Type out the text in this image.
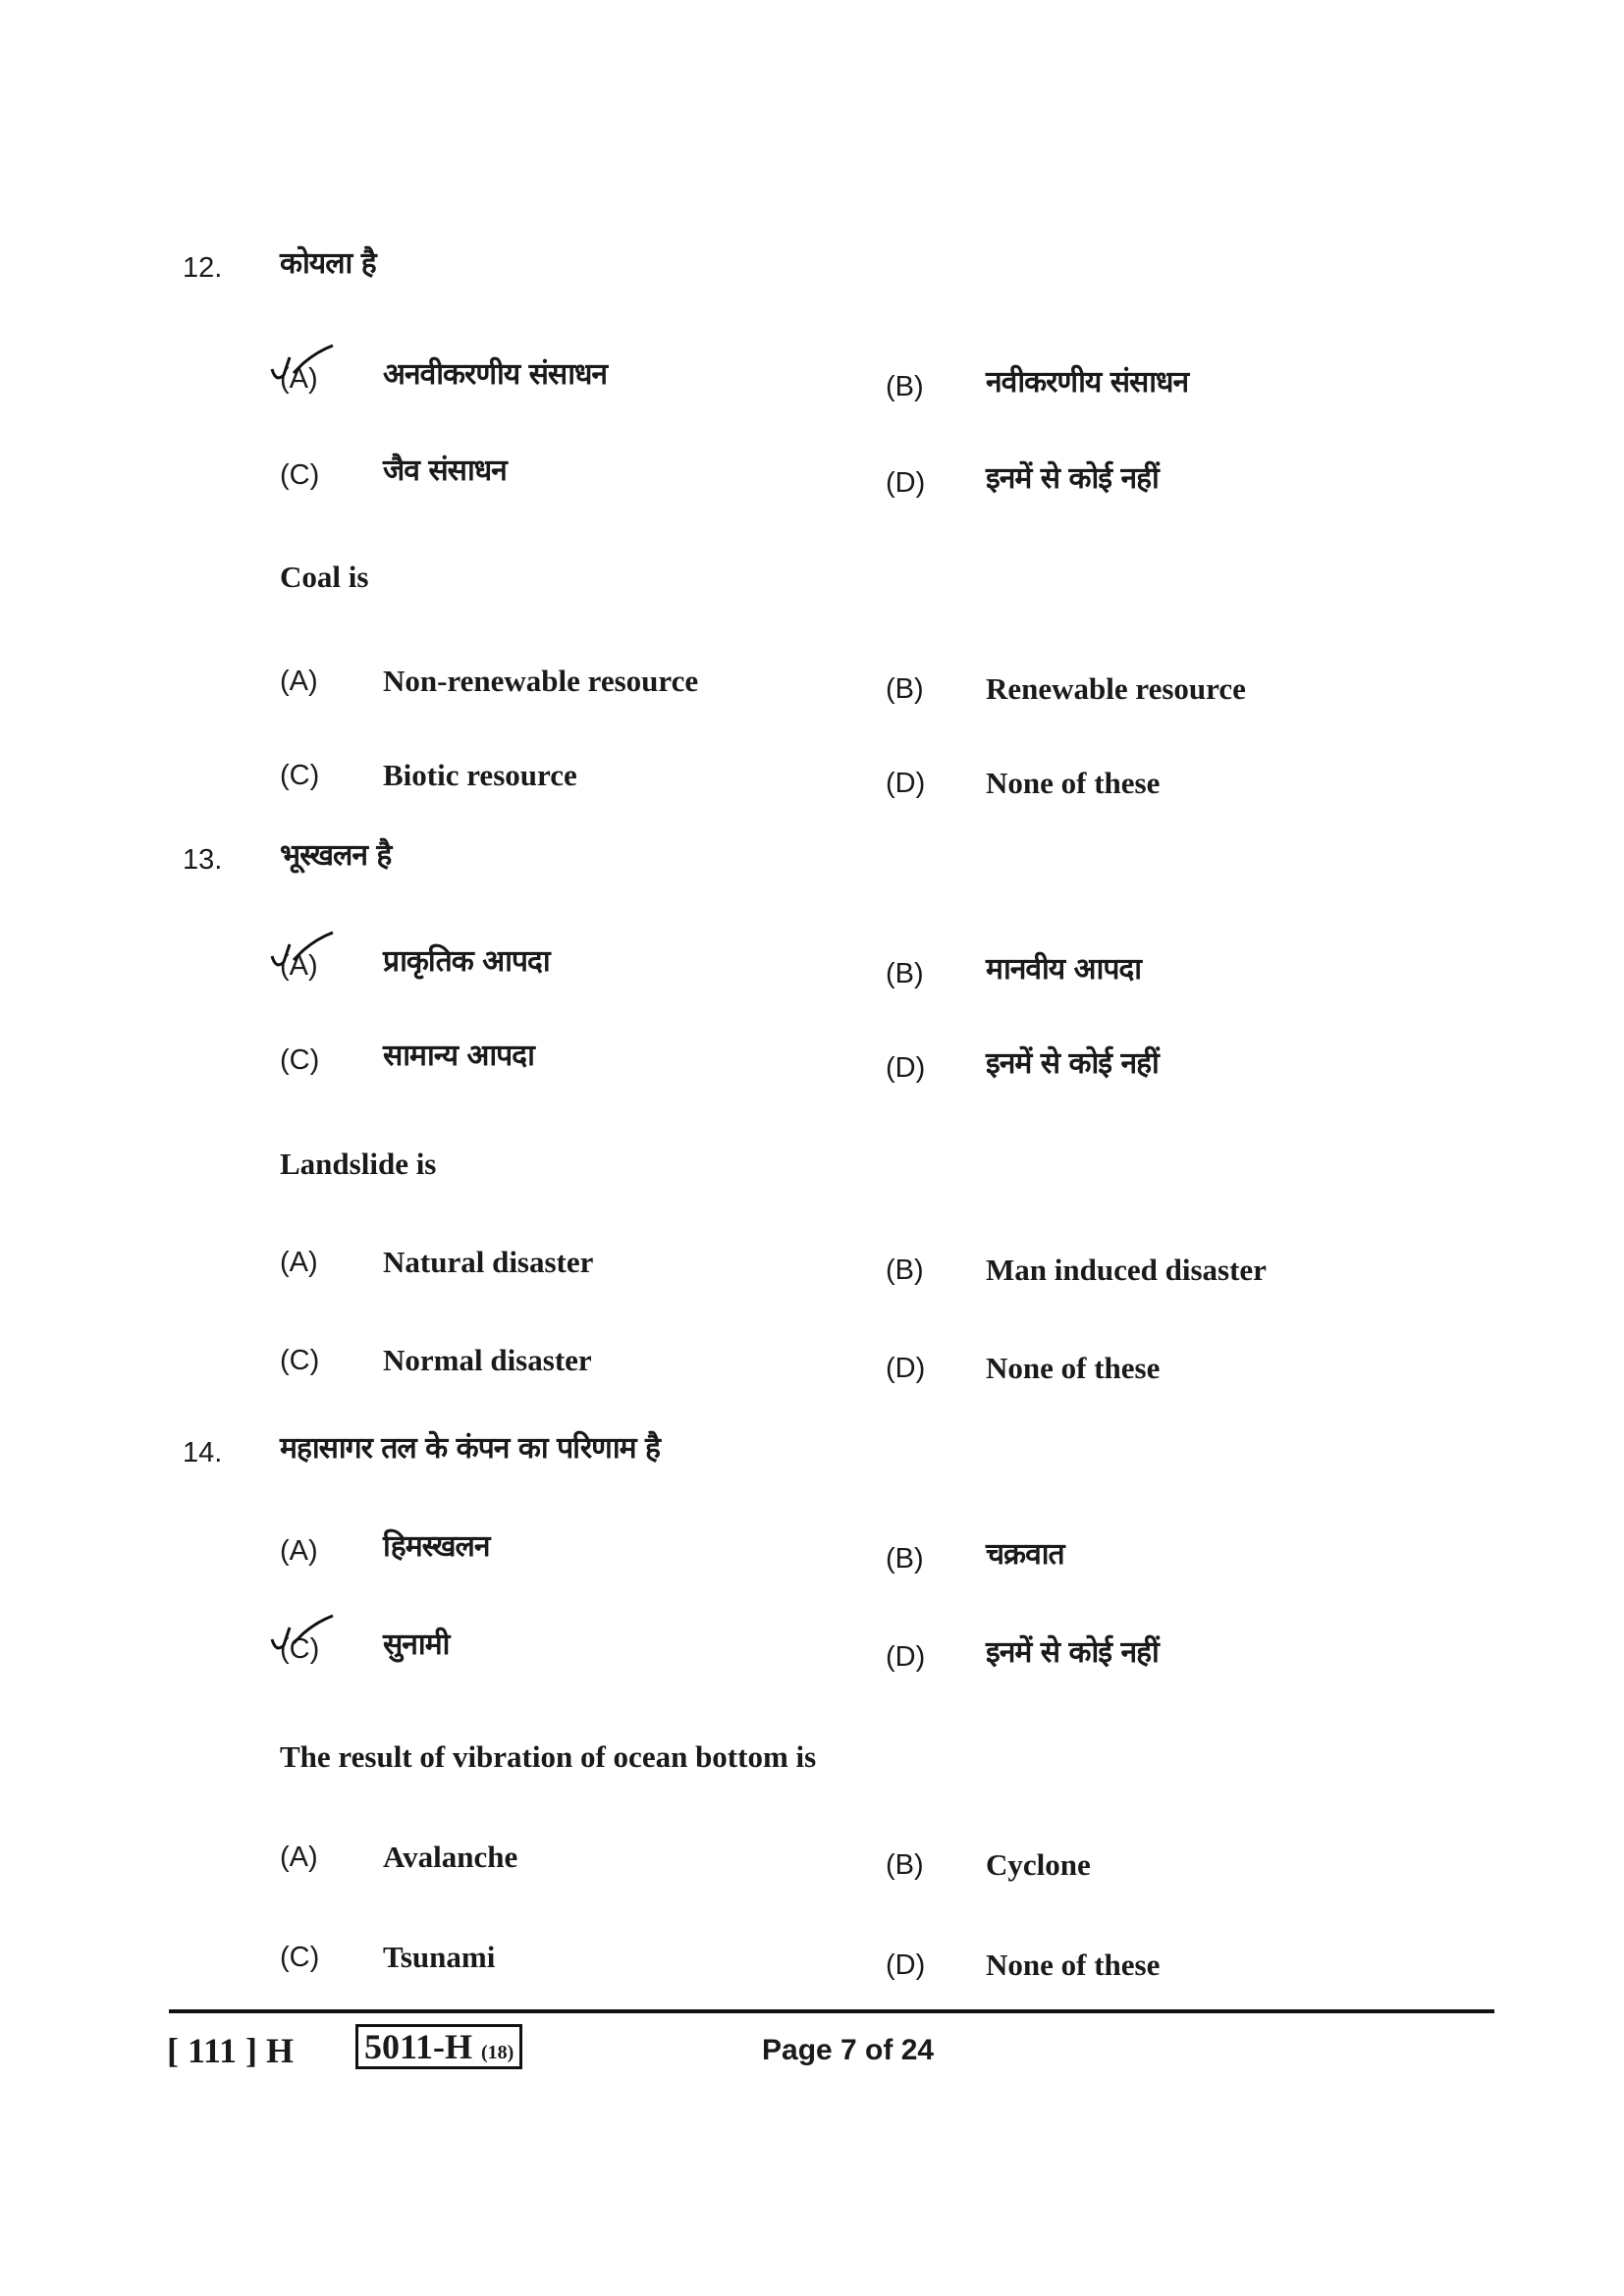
12. कोयला है
(A) अनवीकरणीय संसाधन	(B) नवीकरणीय संसाधन
(C) जैव संसाधन	(D) इनमें से कोई नहीं
Coal is
(A) Non-renewable resource	(B) Renewable resource
(C) Biotic resource	(D) None of these
13. भूस्खलन है
(A) प्राकृतिक आपदा	(B) मानवीय आपदा
(C) सामान्य आपदा	(D) इनमें से कोई नहीं
Landslide is
(A) Natural disaster	(B) Man induced disaster
(C) Normal disaster	(D) None of these
14. महासागर तल के कंपन का परिणाम है
(A) हिमस्खलन	(B) चक्रवात
(C) सुनामी	(D) इनमें से कोई नहीं
The result of vibration of ocean bottom is
(A) Avalanche	(B) Cyclone
(C) Tsunami	(D) None of these
[ 111 ] H 5011-H (18)	Page 7 of 24
